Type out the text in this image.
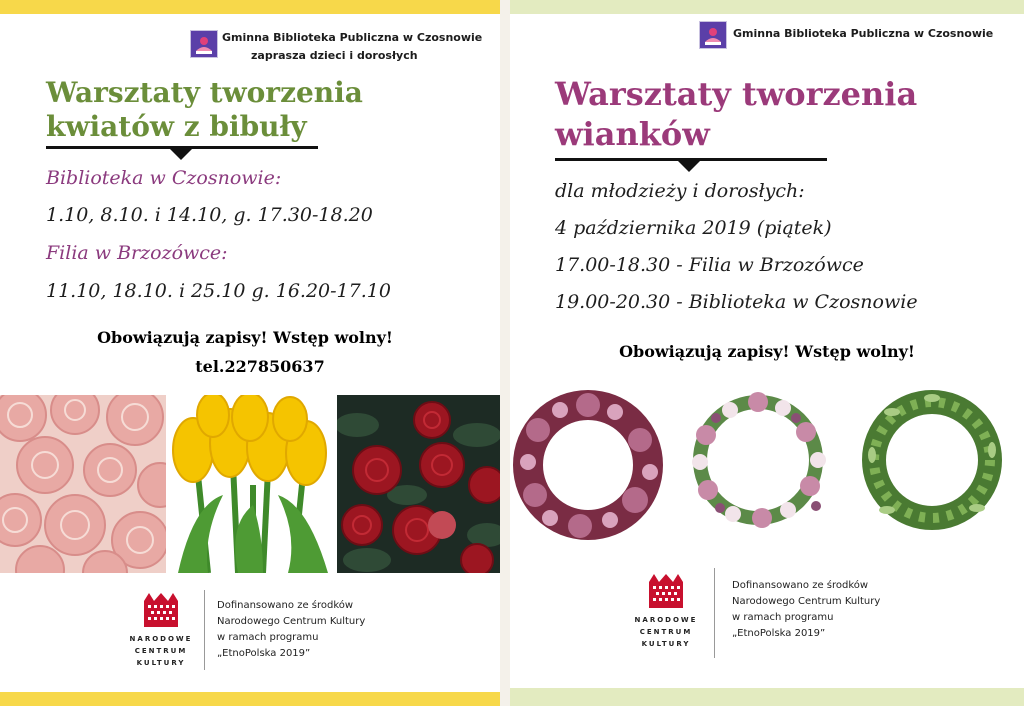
Gminna Biblioteka Publiczna w Czosnowie
zaprasza dzieci i dorosłych
Warsztaty tworzenia
kwiatów z bibuły
Biblioteka w Czosnowie:
1.10, 8.10. i 14.10, g. 17.30-18.20
Filia w Brzozówce:
11.10, 18.10. i 25.10 g. 16.20-17.10
Obowiązują zapisy! Wstęp wolny!
tel.227850637
NARODOWE
CENTRUM
KULTURY
Dofinansowano ze środków
Narodowego Centrum Kultury
w ramach programu
„EtnoPolska 2019”
Gminna Biblioteka Publiczna w Czosnowie
Warsztaty tworzenia
wianków
dla młodzieży i dorosłych:
4 października 2019 (piątek)
17.00-18.30 - Filia w Brzozówce
19.00-20.30 - Biblioteka w Czosnowie
Obowiązują zapisy! Wstęp wolny!
NARODOWE
CENTRUM
KULTURY
Dofinansowano ze środków
Narodowego Centrum Kultury
w ramach programu
„EtnoPolska 2019”
